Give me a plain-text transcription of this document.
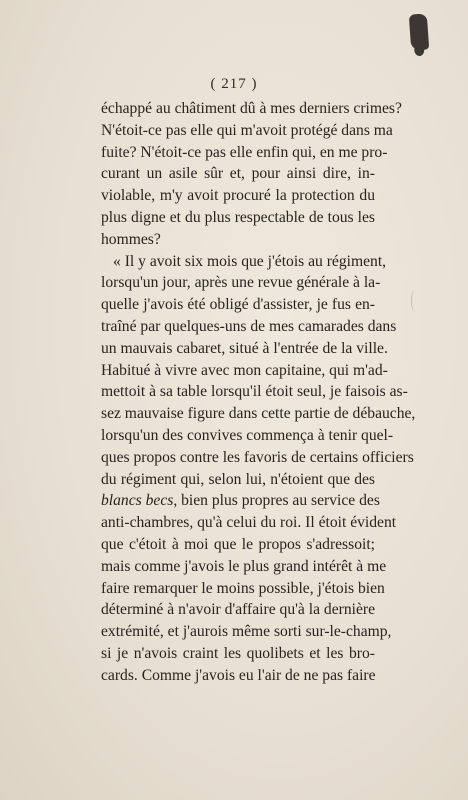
( 217 )
échappé au châtiment dû à mes derniers crimes?
N'étoit-ce pas elle qui m'avoit protégé dans ma
fuite? N'étoit-ce pas elle enfin qui, en me pro-
curant un asile sûr et, pour ainsi dire, in-
violable, m'y avoit procuré la protection du
plus digne et du plus respectable de tous les
hommes?
« Il y avoit six mois que j'étois au régiment,
lorsqu'un jour, après une revue générale à la-
quelle j'avois été obligé d'assister, je fus en-
traîné par quelques-uns de mes camarades dans
un mauvais cabaret, situé à l'entrée de la ville.
Habitué à vivre avec mon capitaine, qui m'ad-
mettoit à sa table lorsqu'il étoit seul, je faisois as-
sez mauvaise figure dans cette partie de débauche,
lorsqu'un des convives commença à tenir quel-
ques propos contre les favoris de certains officiers
du régiment qui, selon lui, n'étoient que des
blancs becs, bien plus propres au service des
anti-chambres, qu'à celui du roi. Il étoit évident
que c'étoit à moi que le propos s'adressoit;
mais comme j'avois le plus grand intérêt à me
faire remarquer le moins possible, j'étois bien
déterminé à n'avoir d'affaire qu'à la dernière
extrémité, et j'aurois même sorti sur-le-champ,
si je n'avois craint les quolibets et les bro-
cards. Comme j'avois eu l'air de ne pas faire
